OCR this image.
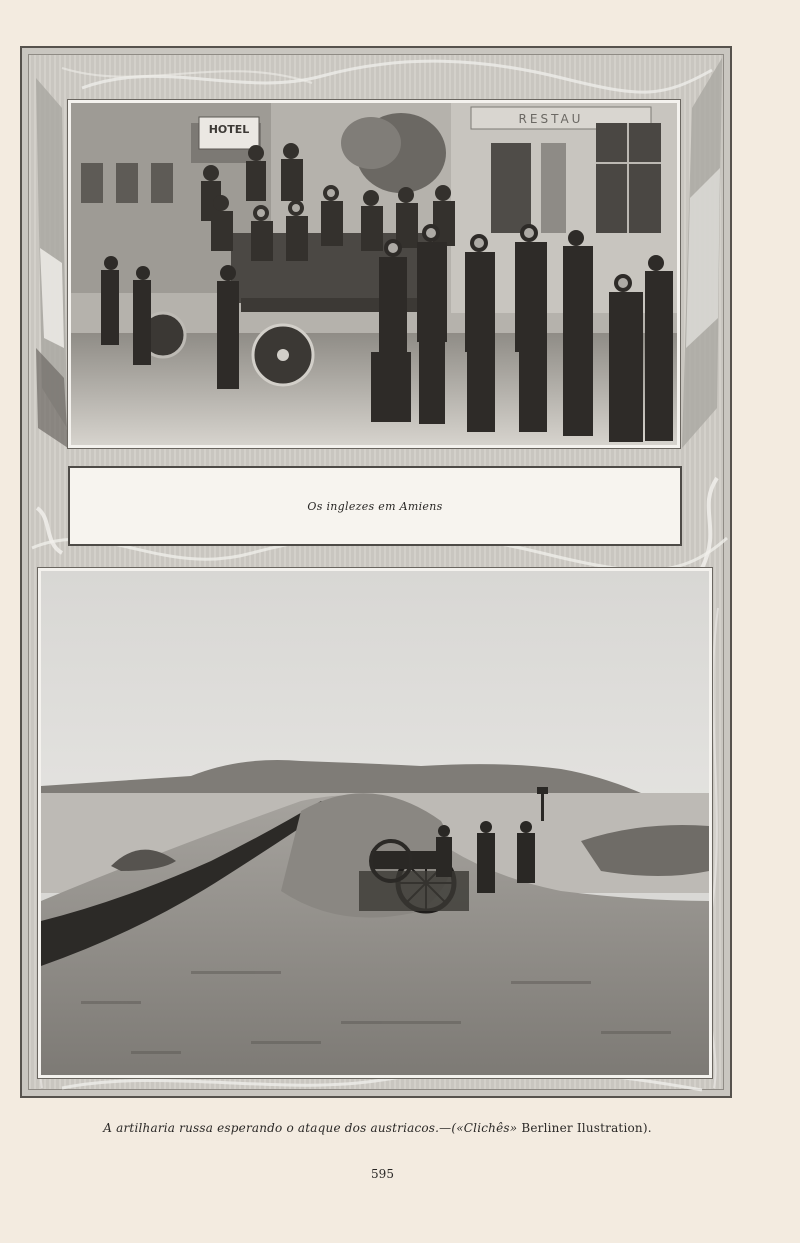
HOTEL
RESTAU
Os inglezes em Amiens
A artilharia russa esperando o ataque dos austriacos.—(«Clichês» Berliner Ilustration).
595
